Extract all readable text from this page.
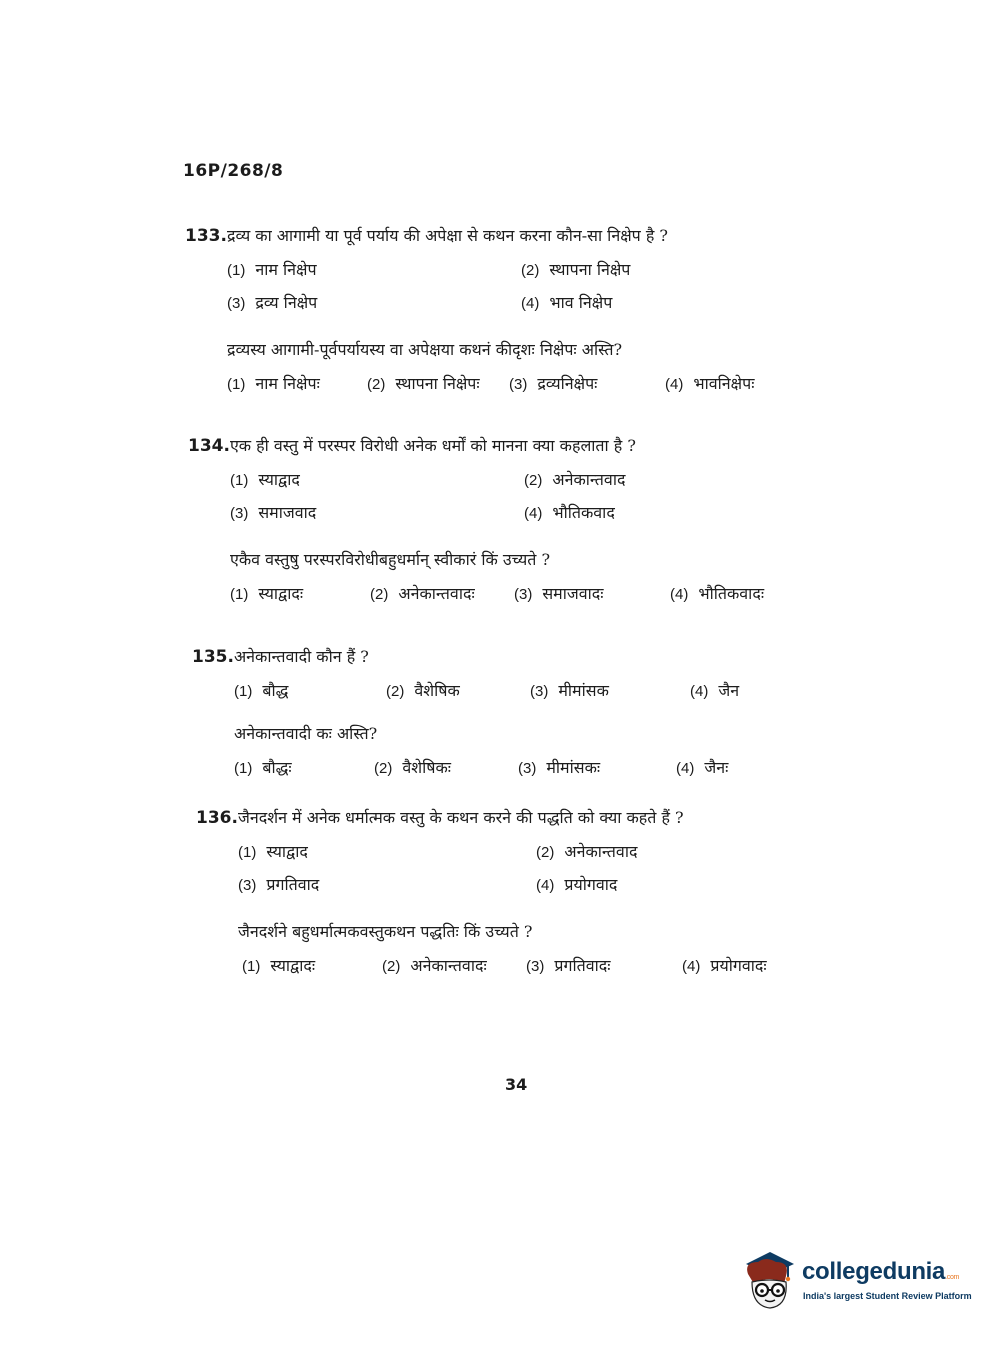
16P/268/8
133.द्रव्य का आगामी या पूर्व पर्याय की अपेक्षा से कथन करना कौन-सा निक्षेप है ?
(1) नाम निक्षेप	(2) स्थापना निक्षेप
(3) द्रव्य निक्षेप	(4) भाव निक्षेप
द्रव्यस्य आगामी-पूर्वपर्यायस्य वा अपेक्षया कथनं कीदृशः निक्षेपः अस्ति?
(1) नाम निक्षेपः	(2) स्थापना निक्षेपः (3) द्रव्यनिक्षेपः	(4) भावनिक्षेपः
134.एक ही वस्तु में परस्पर विरोधी अनेक धर्मों को मानना क्या कहलाता है ?
(1) स्याद्वाद	(2) अनेकान्तवाद
(3) समाजवाद	(4) भौतिकवाद
एकैव वस्तुषु परस्परविरोधीबहुधर्मान् स्वीकारं किं उच्यते ?
(1) स्याद्वादः	(2) अनेकान्तवादः	(3) समाजवादः	(4) भौतिकवादः
135.अनेकान्तवादी कौन हैं ?
(1) बौद्ध	(2) वैशेषिक	(3) मीमांसक	(4) जैन
अनेकान्तवादी कः अस्ति?
(1) बौद्धः	(2) वैशेषिकः	(3) मीमांसकः	(4) जैनः
136.जैनदर्शन में अनेक धर्मात्मक वस्तु के कथन करने की पद्धति को क्या कहते हैं ?
(1) स्याद्वाद	(2) अनेकान्तवाद
(3) प्रगतिवाद	(4) प्रयोगवाद
जैनदर्शने बहुधर्मात्मकवस्तुकथन पद्धतिः किं उच्यते ?
(1) स्याद्वादः	(2) अनेकान्तवादः	(3) प्रगतिवादः	(4) प्रयोगवादः
34
collegedunia.com
India's largest Student Review Platform
